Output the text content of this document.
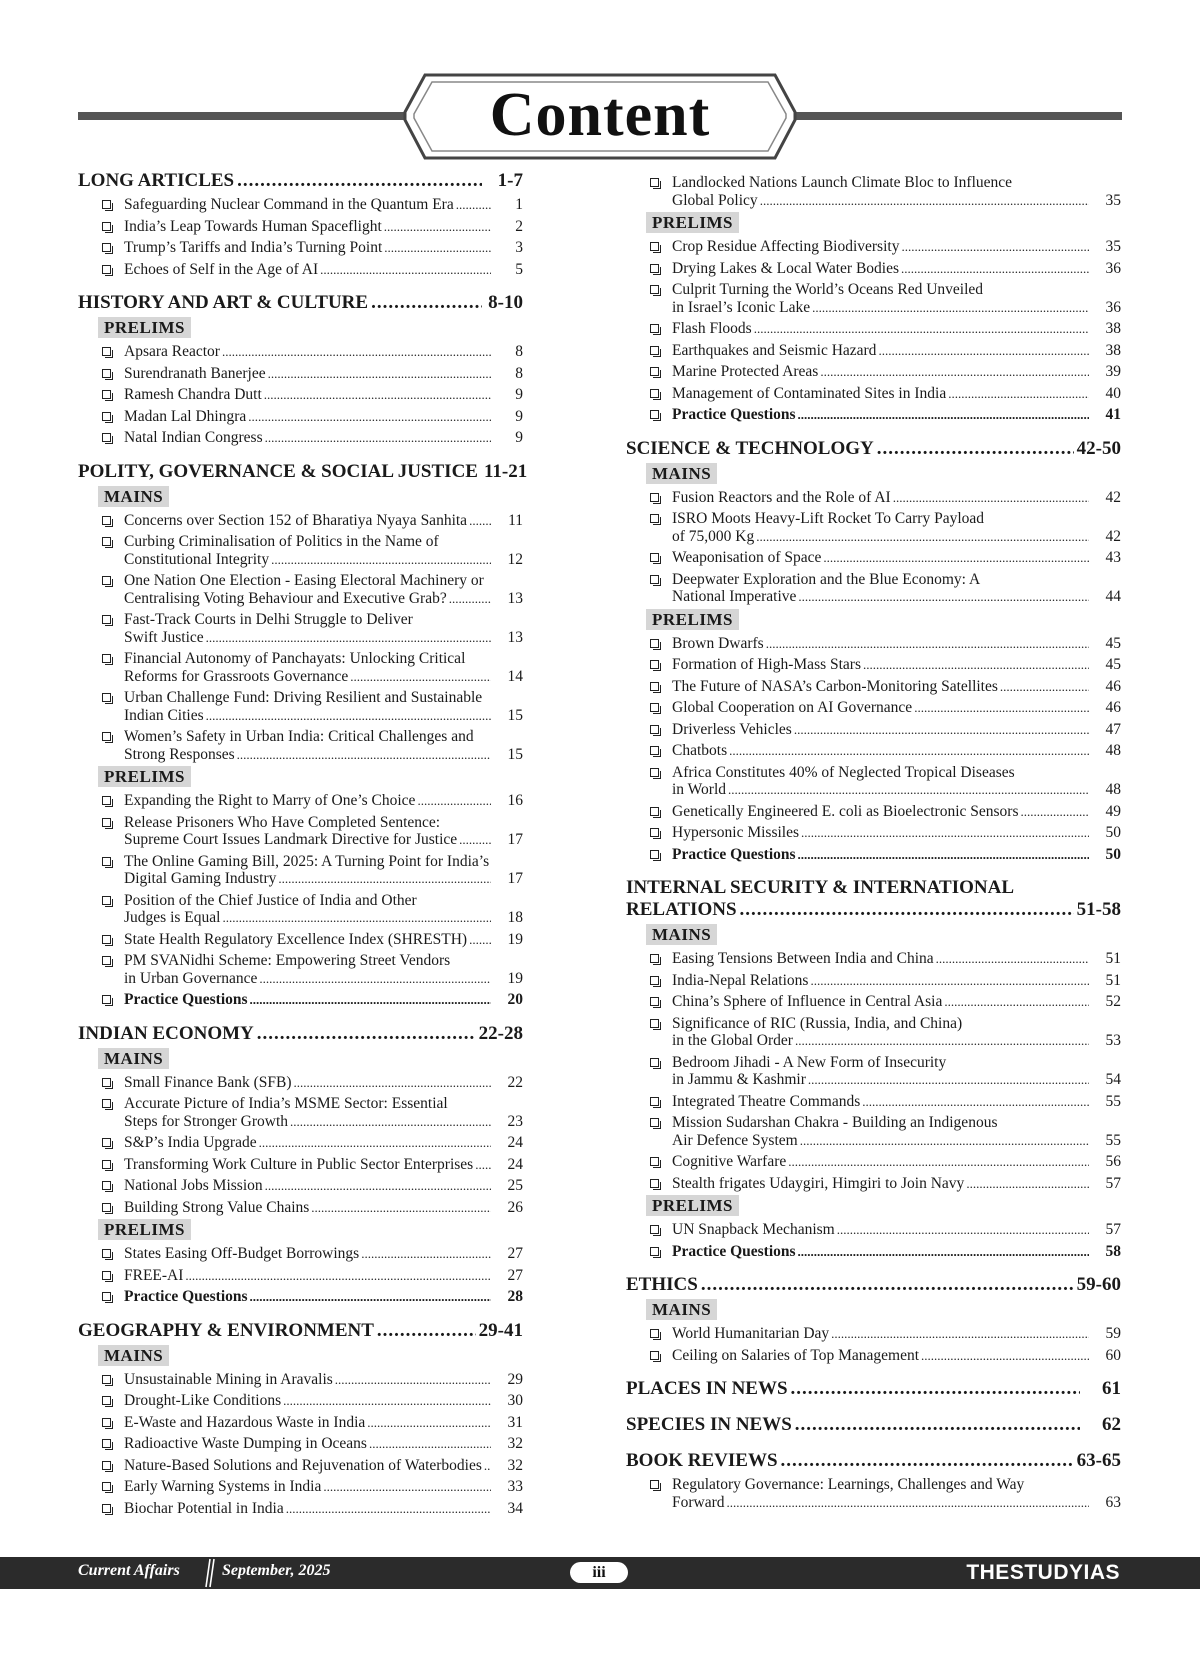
Content
LONG ARTICLES .....	1-7
Safeguarding Nuclear Command in the Quantum Era .....	1
India’s Leap Towards Human Spaceflight .....	2
Trump’s Tariffs and India’s Turning Point .....	3
Echoes of Self in the Age of AI .....	5
HISTORY AND ART & CULTURE .....	8-10
PRELIMS
Apsara Reactor .....	8
Surendranath Banerjee .....	8
Ramesh Chandra Dutt .....	9
Madan Lal Dhingra .....	9
Natal Indian Congress .....	9
POLITY, GOVERNANCE & SOCIAL JUSTICE 11-21
MAINS
Concerns over Section 152 of Bharatiya Nyaya Sanhita .....	11
Curbing Criminalisation of Politics in the Name of
Constitutional Integrity .....	12
One Nation One Election - Easing Electoral Machinery or
Centralising Voting Behaviour and Executive Grab? .....	13
Fast-Track Courts in Delhi Struggle to Deliver
Swift Justice .....	13
Financial Autonomy of Panchayats: Unlocking Critical
Reforms for Grassroots Governance .....	14
Urban Challenge Fund: Driving Resilient and Sustainable
Indian Cities .....	15
Women’s Safety in Urban India: Critical Challenges and
Strong Responses .....	15
PRELIMS
Expanding the Right to Marry of One’s Choice .....	16
Release Prisoners Who Have Completed Sentence:
Supreme Court Issues Landmark Directive for Justice .....	17
The Online Gaming Bill, 2025: A Turning Point for India’s
Digital Gaming Industry .....	17
Position of the Chief Justice of India and Other
Judges is Equal .....	18
State Health Regulatory Excellence Index (SHRESTH) .....	19
PM SVANidhi Scheme: Empowering Street Vendors
in Urban Governance .....	19
Practice Questions .....	20
INDIAN ECONOMY .....	22-28
MAINS
Small Finance Bank (SFB) .....	22
Accurate Picture of India’s MSME Sector: Essential
Steps for Stronger Growth .....	23
S&P’s India Upgrade .....	24
Transforming Work Culture in Public Sector Enterprises .....	24
National Jobs Mission .....	25
Building Strong Value Chains .....	26
PRELIMS
States Easing Off-Budget Borrowings .....	27
FREE-AI .....	27
Practice Questions .....	28
GEOGRAPHY & ENVIRONMENT .....	29-41
MAINS
Unsustainable Mining in Aravalis .....	29
Drought-Like Conditions .....	30
E-Waste and Hazardous Waste in India .....	31
Radioactive Waste Dumping in Oceans .....	32
Nature-Based Solutions and Rejuvenation of Waterbodies .....	32
Early Warning Systems in India .....	33
Biochar Potential in India .....	34
Landlocked Nations Launch Climate Bloc to Influence
Global Policy .....	35
PRELIMS
Crop Residue Affecting Biodiversity .....	35
Drying Lakes & Local Water Bodies .....	36
Culprit Turning the World’s Oceans Red Unveiled
in Israel’s Iconic Lake .....	36
Flash Floods .....	38
Earthquakes and Seismic Hazard .....	38
Marine Protected Areas .....	39
Management of Contaminated Sites in India .....	40
Practice Questions .....	41
SCIENCE & TECHNOLOGY .....	42-50
MAINS
Fusion Reactors and the Role of AI .....	42
ISRO Moots Heavy-Lift Rocket To Carry Payload
of 75,000 Kg .....	42
Weaponisation of Space .....	43
Deepwater Exploration and the Blue Economy: A
National Imperative .....	44
PRELIMS
Brown Dwarfs .....	45
Formation of High-Mass Stars .....	45
The Future of NASA’s Carbon-Monitoring Satellites .....	46
Global Cooperation on AI Governance .....	46
Driverless Vehicles .....	47
Chatbots .....	48
Africa Constitutes 40% of Neglected Tropical Diseases
in World .....	48
Genetically Engineered E. coli as Bioelectronic Sensors .....	49
Hypersonic Missiles .....	50
Practice Questions .....	50
INTERNAL SECURITY & INTERNATIONAL
RELATIONS .....	51-58
MAINS
Easing Tensions Between India and China .....	51
India-Nepal Relations .....	51
China’s Sphere of Influence in Central Asia .....	52
Significance of RIC (Russia, India, and China)
in the Global Order .....	53
Bedroom Jihadi - A New Form of Insecurity
in Jammu & Kashmir .....	54
Integrated Theatre Commands .....	55
Mission Sudarshan Chakra - Building an Indigenous
Air Defence System .....	55
Cognitive Warfare .....	56
Stealth frigates Udaygiri, Himgiri to Join Navy .....	57
PRELIMS
UN Snapback Mechanism .....	57
Practice Questions .....	58
ETHICS .....	59-60
MAINS
World Humanitarian Day .....	59
Ceiling on Salaries of Top Management .....	60
PLACES IN NEWS .....	61
SPECIES IN NEWS .....	62
BOOK REVIEWS .....	63-65
Regulatory Governance: Learnings, Challenges and Way
Forward .....	63
Current Affairs	September, 2025	iii	THESTUDYIAS
